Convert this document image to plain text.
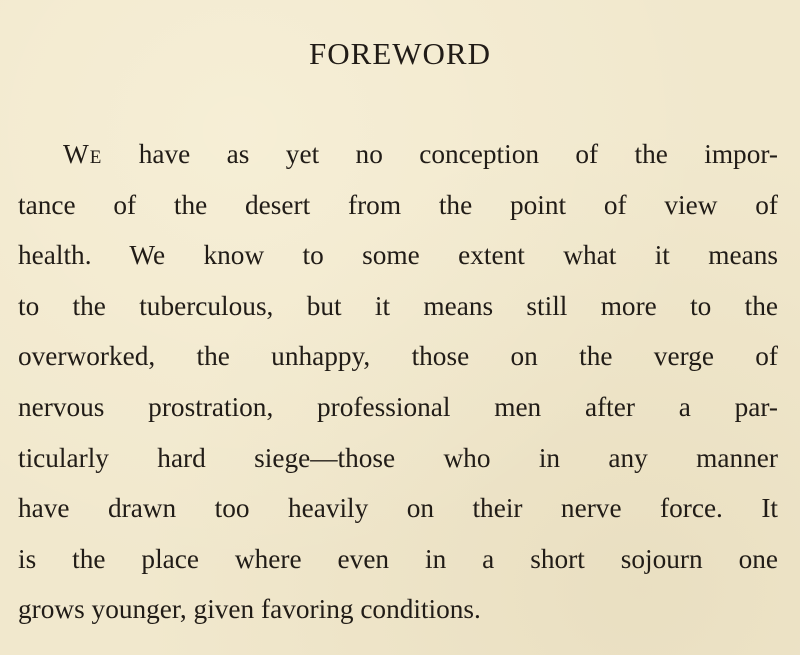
FOREWORD
We have as yet no conception of the impor-
tance of the desert from the point of view of
health. We know to some extent what it means
to the tuberculous, but it means still more to the
overworked, the unhappy, those on the verge of
nervous prostration, professional men after a par-
ticularly hard siege—those who in any manner
have drawn too heavily on their nerve force. It
is the place where even in a short sojourn one
grows younger, given favoring conditions.
